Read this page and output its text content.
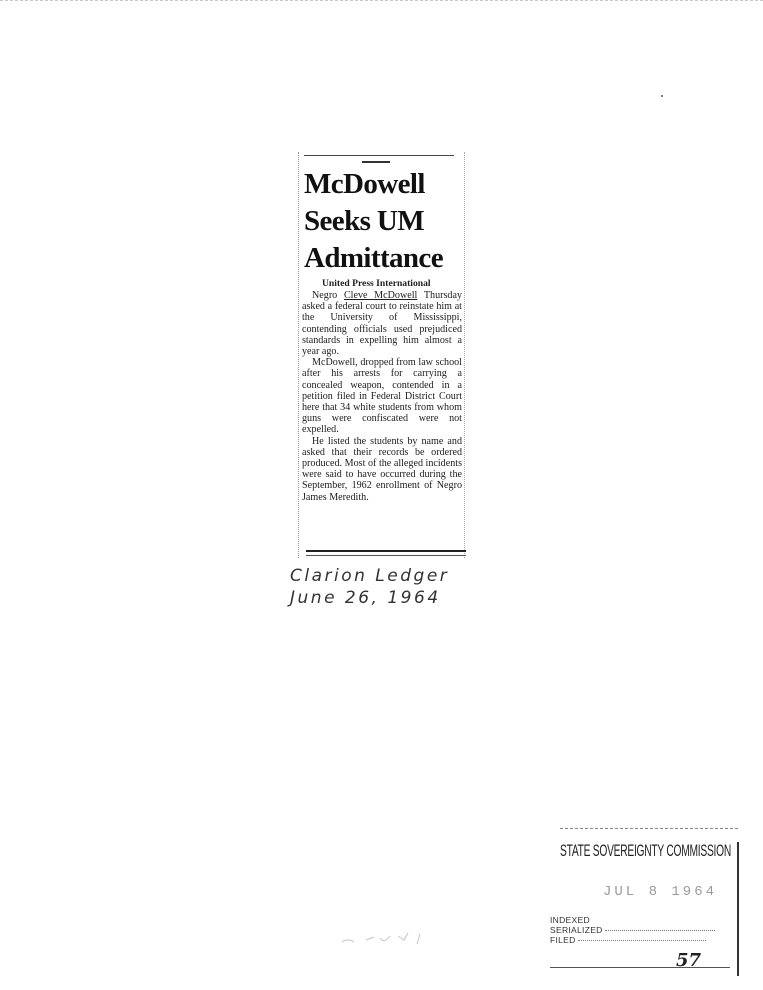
McDowell Seeks UM Admittance
United Press International

Negro Cleve McDowell Thursday asked a federal court to reinstate him at the University of Mississippi, contending officials used prejudiced standards in expelling him almost a year ago.

McDowell, dropped from law school after his arrests for carrying a concealed weapon, contended in a petition filed in Federal District Court here that 34 white students from whom guns were confiscated were not expelled.

He listed the students by name and asked that their records be ordered produced. Most of the alleged incidents were said to have occurred during the September, 1962 enrollment of Negro James Meredith.

Clarion Ledger
June 26, 1964
STATE SOVEREIGNTY COMMISSION
JUL 8 1964
INDEXED
SERIALIZED
FILED
57
